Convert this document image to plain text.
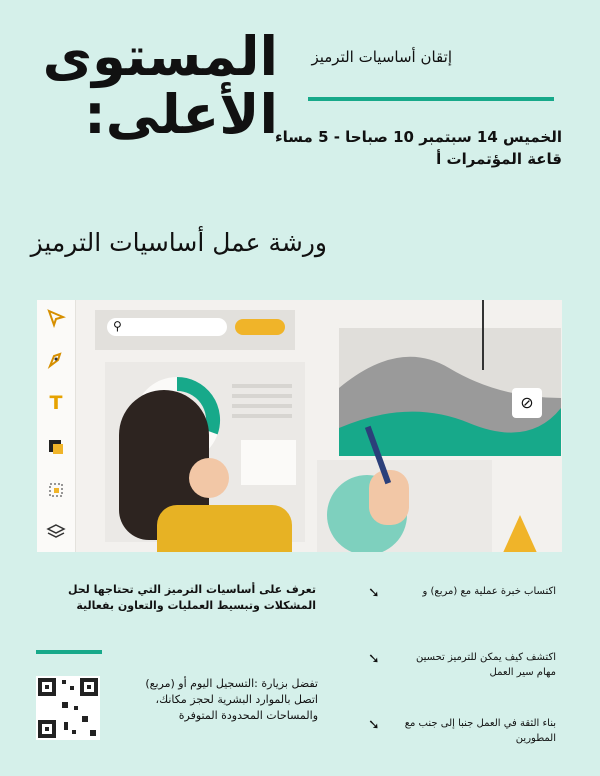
المستوى
الأعلى:
إتقان أساسيات الترميز
الخميس 14 سبتمبر 10 صباحا - 5 مساء
قاعة المؤتمرات أ
ورشة عمل أساسيات الترميز
T
⚲
⊘
تعرف على أساسيات الترميز التي تحتاجها لحل المشكلات وتبسيط العمليات والتعاون بفعالية
تفضل بزيارة :التسجيل اليوم أو (مربع) اتصل بالموارد البشرية لحجز مكانك، والمساحات المحدودة المتوفرة
➘	اكتساب خبرة عملية مع (مربع) و
➘	اكتشف كيف يمكن للترميز تحسين مهام سير العمل
➘ بناء الثقة في العمل جنبا إلى جنب مع المطورين
